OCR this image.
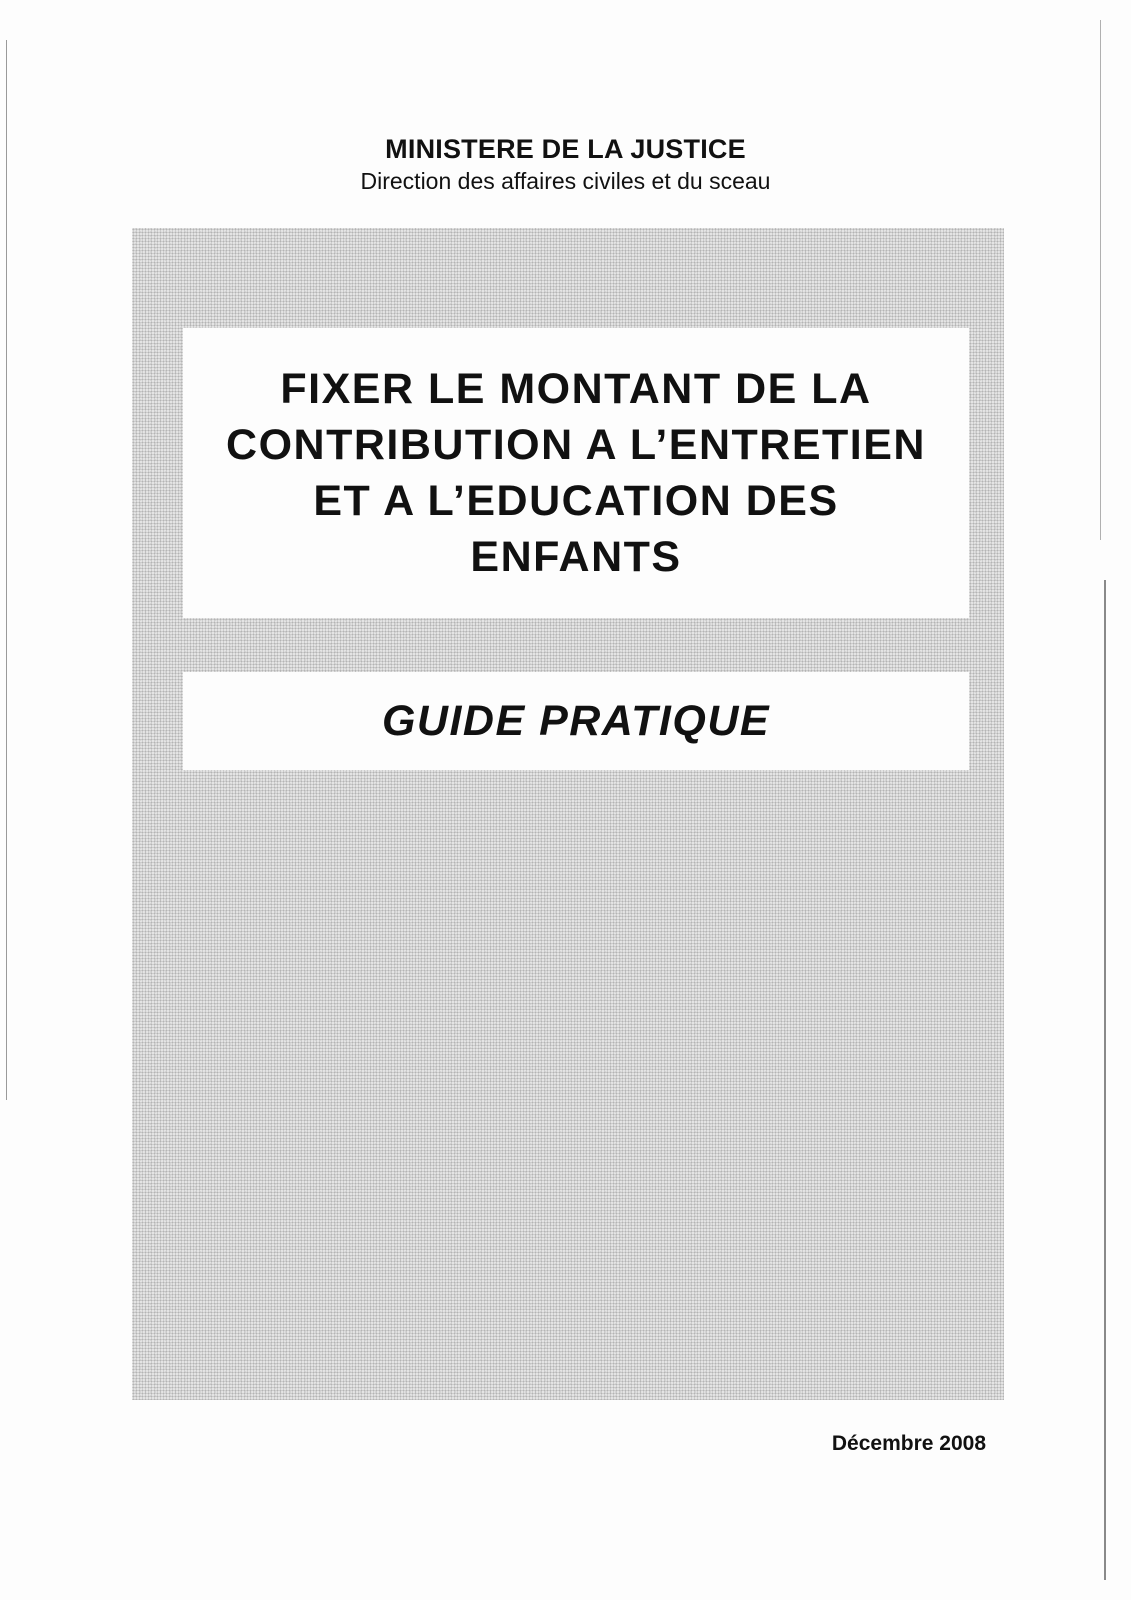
MINISTERE DE LA JUSTICE
Direction des affaires civiles et du sceau
FIXER LE MONTANT DE LA
CONTRIBUTION A L’ENTRETIEN
ET A L’EDUCATION DES
ENFANTS
GUIDE PRATIQUE
Décembre 2008
